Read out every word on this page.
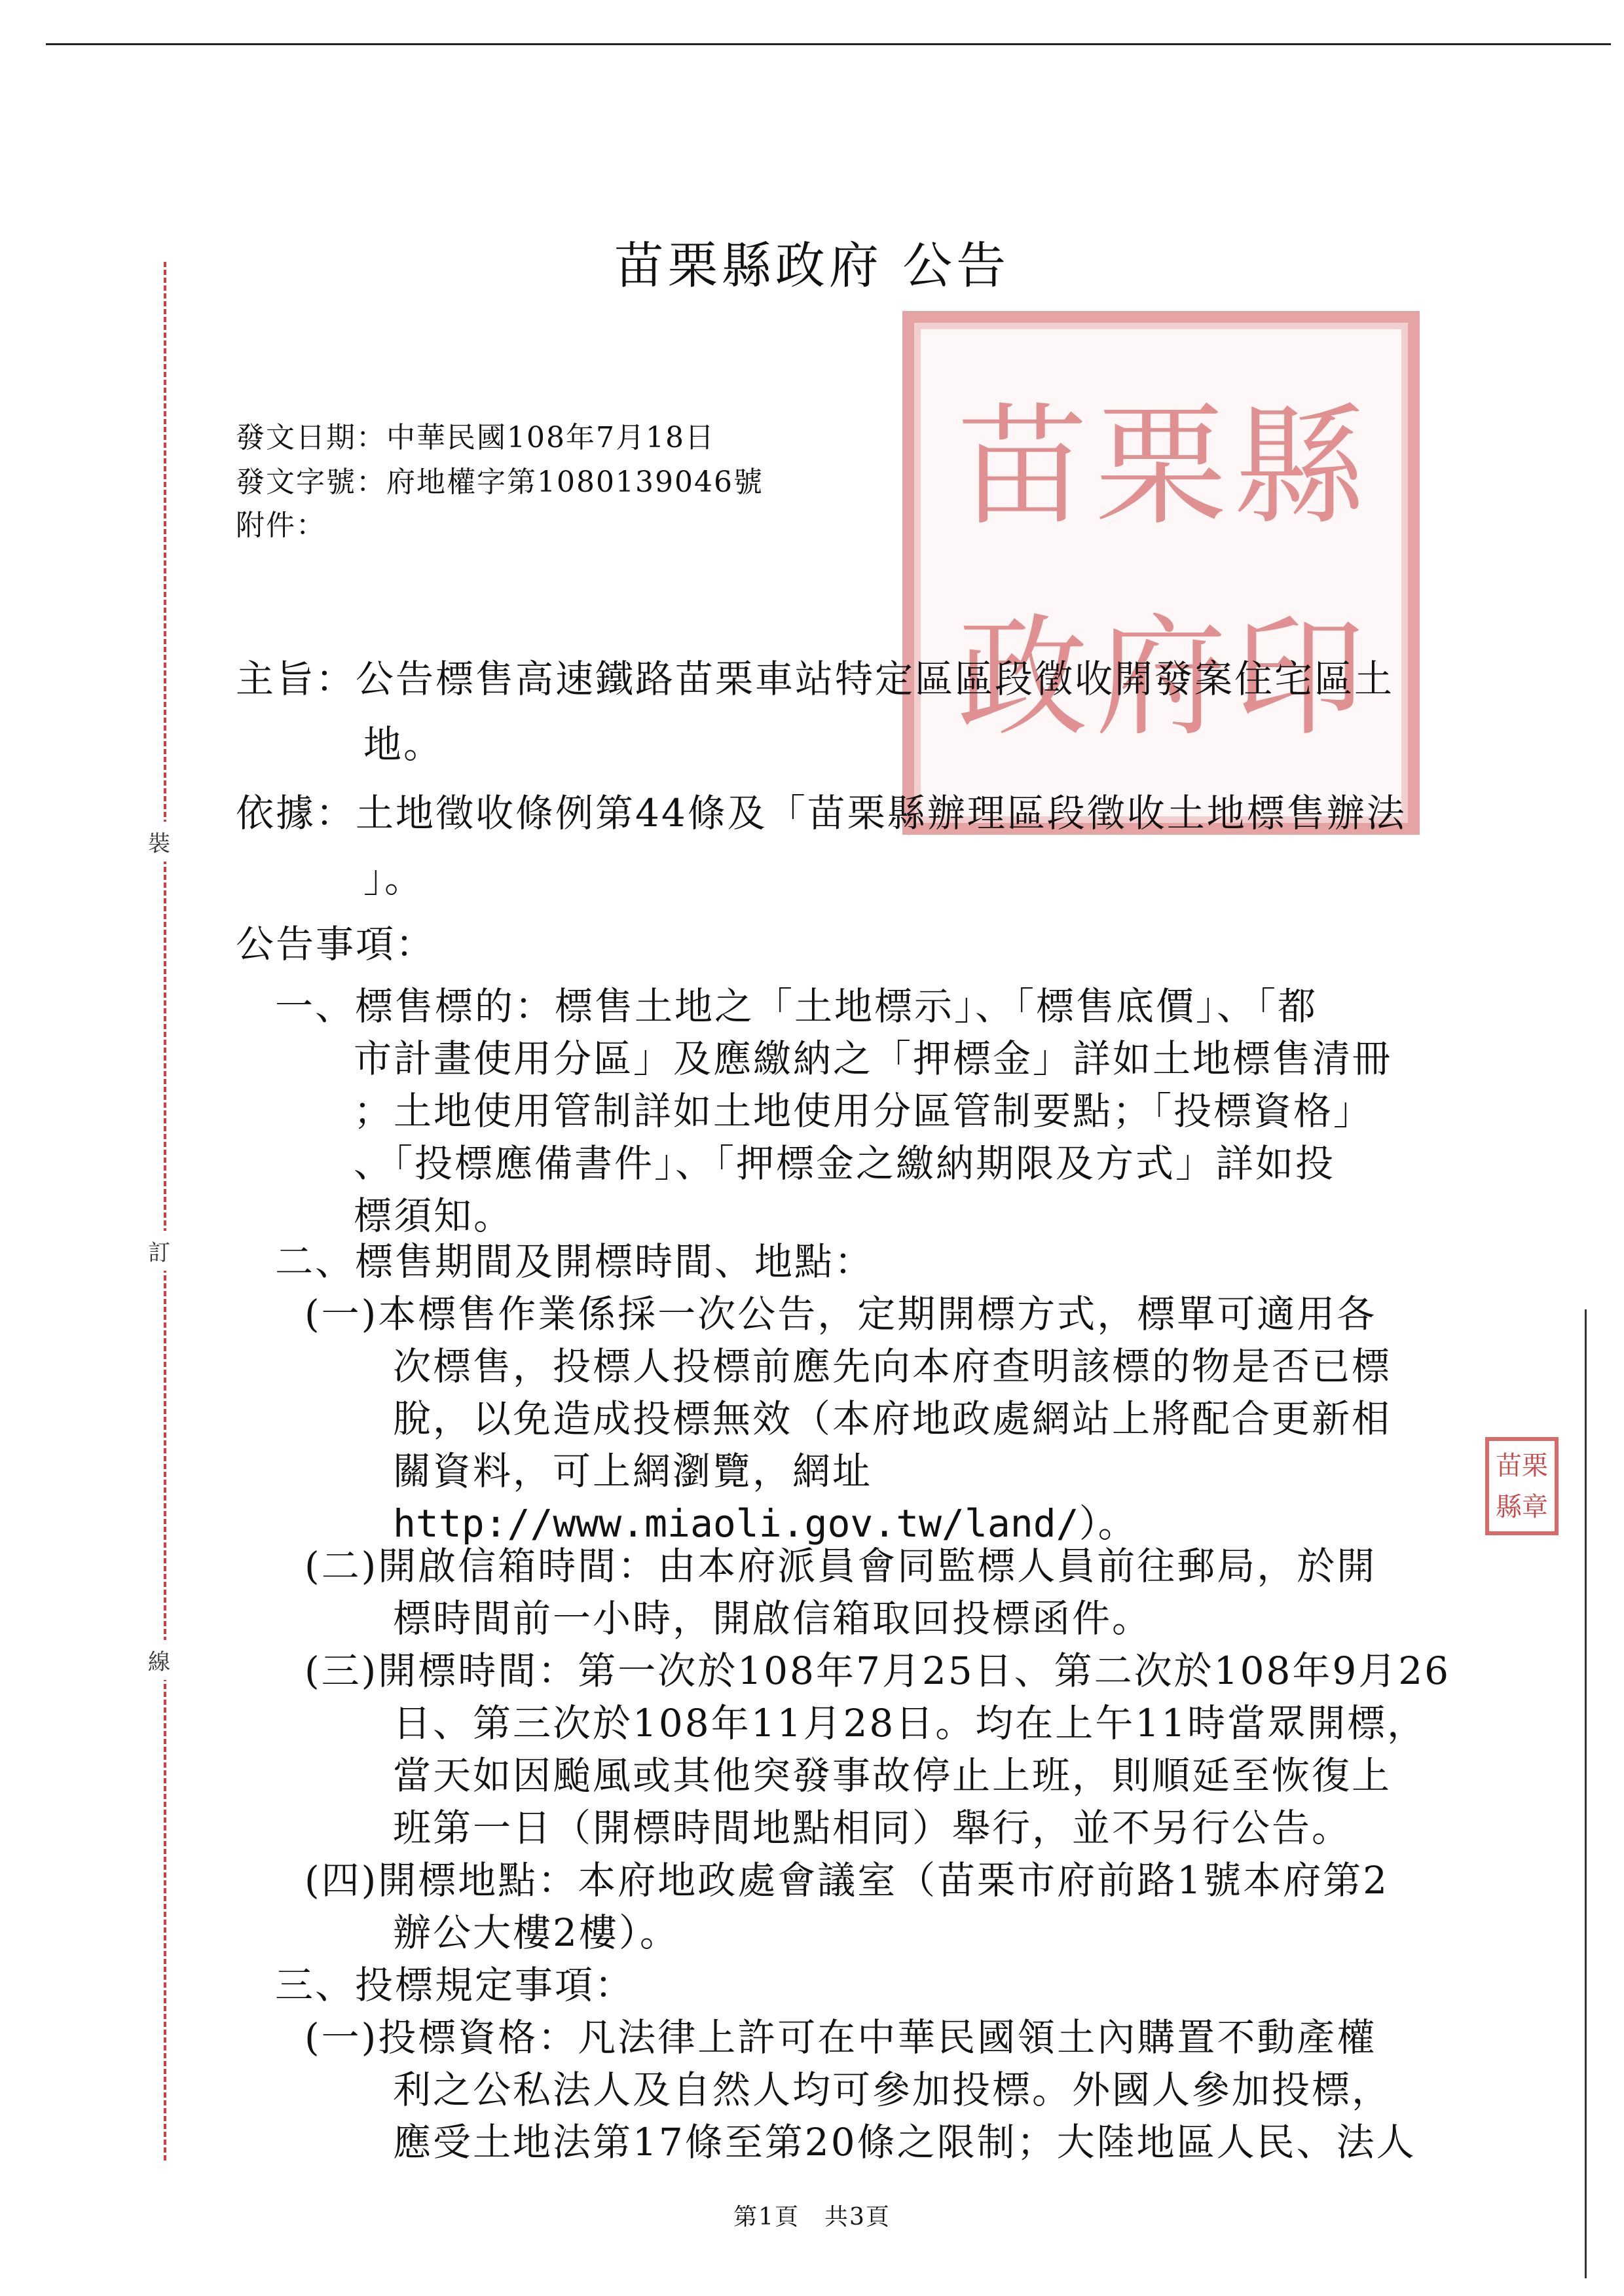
裝
訂
線
苗栗縣政府 公告
苗 栗 縣
政 府 印
發文日期：中華民國108年7月18日
發文字號：府地權字第1080139046號
附件：
主旨：公告標售高速鐵路苗栗車站特定區區段徵收開發案住宅區土
地。
依據：土地徵收條例第44條及「苗栗縣辦理區段徵收土地標售辦法
」。
公告事項：
一、標售標的：標售土地之「土地標示」、「標售底價」、「都
市計畫使用分區」及應繳納之「押標金」詳如土地標售清冊
；土地使用管制詳如土地使用分區管制要點；「投標資格」
、「投標應備書件」、「押標金之繳納期限及方式」詳如投
標須知。
二、標售期間及開標時間、地點：
(一)本標售作業係採一次公告，定期開標方式，標單可適用各
次標售，投標人投標前應先向本府查明該標的物是否已標
脫，以免造成投標無效（本府地政處網站上將配合更新相
關資料，可上網瀏覽，網址
http://www.miaoli.gov.tw/land/）。
(二)開啟信箱時間：由本府派員會同監標人員前往郵局，於開
標時間前一小時，開啟信箱取回投標函件。
(三)開標時間：第一次於108年7月25日、第二次於108年9月26
日、第三次於108年11月28日。均在上午11時當眾開標，
當天如因颱風或其他突發事故停止上班，則順延至恢復上
班第一日（開標時間地點相同）舉行，並不另行公告。
(四)開標地點：本府地政處會議室（苗栗市府前路1號本府第2
辦公大樓2樓）。
三、投標規定事項：
(一)投標資格：凡法律上許可在中華民國領土內購置不動產權
利之公私法人及自然人均可參加投標。外國人參加投標，
應受土地法第17條至第20條之限制；大陸地區人民、法人
苗 栗
縣 章
第1頁　共3頁
